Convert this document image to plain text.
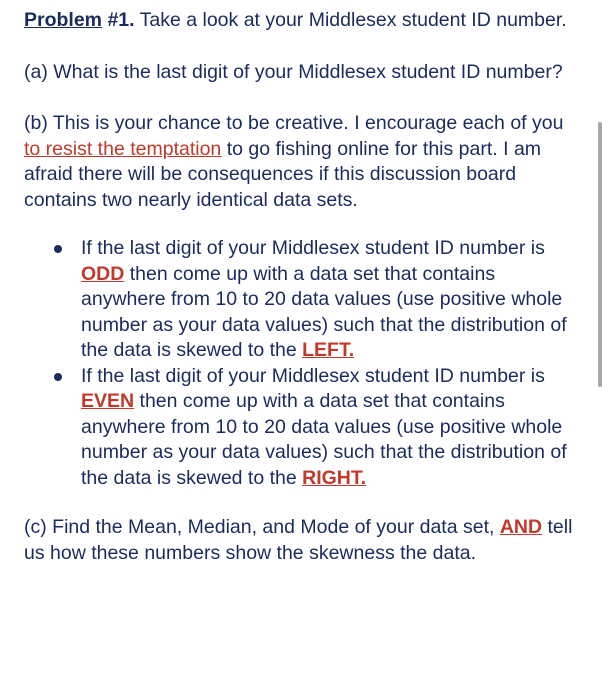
Problem #1. Take a look at your Middlesex student ID number.

(a) What is the last digit of your Middlesex student ID number?

(b) This is your chance to be creative. I encourage each of you to resist the temptation to go fishing online for this part. I am afraid there will be consequences if this discussion board contains two nearly identical data sets.

If the last digit of your Middlesex student ID number is ODD then come up with a data set that contains anywhere from 10 to 20 data values (use positive whole number as your data values) such that the distribution of the data is skewed to the LEFT.
If the last digit of your Middlesex student ID number is EVEN then come up with a data set that contains anywhere from 10 to 20 data values (use positive whole number as your data values) such that the distribution of the data is skewed to the RIGHT.

(c) Find the Mean, Median, and Mode of your data set, AND tell us how these numbers show the skewness the data.
